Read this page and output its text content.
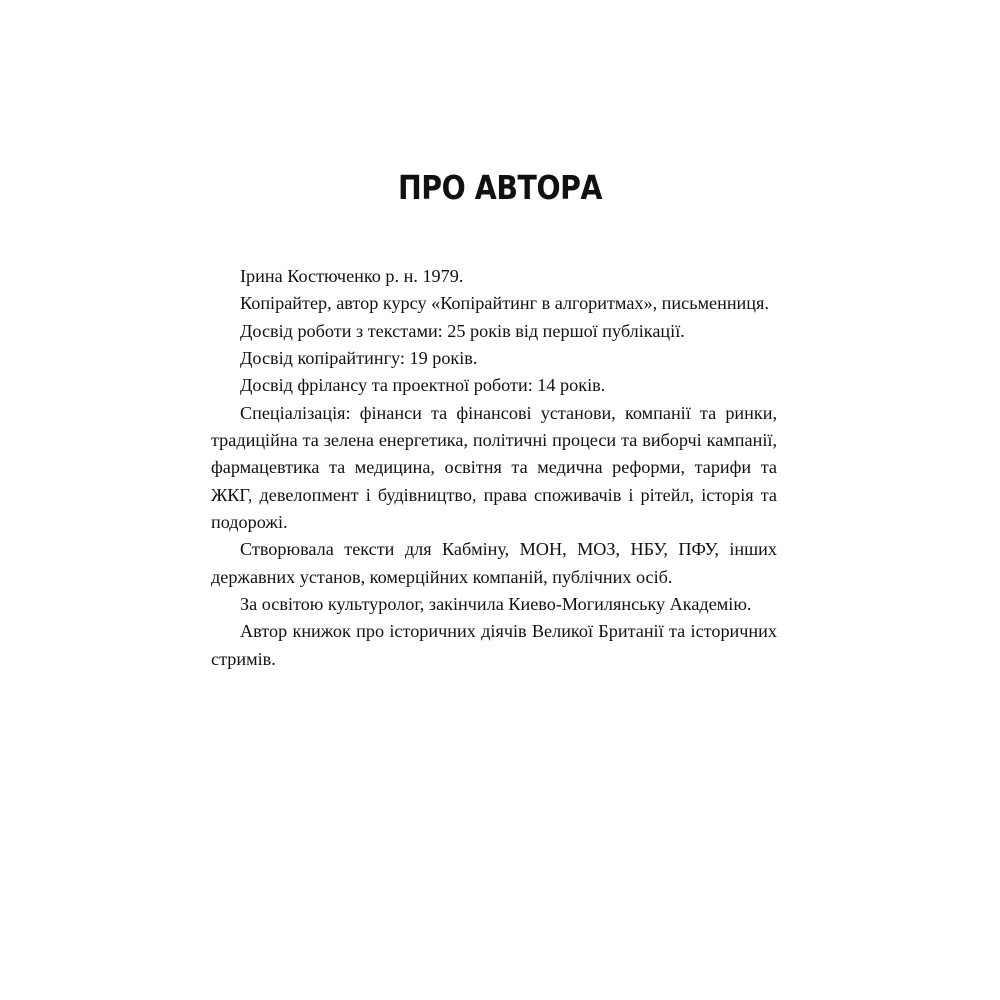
ПРО АВТОРА

Ірина Костюченко р. н. 1979.

Копірайтер, автор курсу «Копірайтинг в алгоритмах», письменниця.

Досвід роботи з текстами: 25 років від першої публікації.

Досвід копірайтингу: 19 років.

Досвід фрілансу та проектної роботи: 14 років.

Спеціалізація: фінанси та фінансові установи, компанії та ринки, традиційна та зелена енергетика, політичні процеси та виборчі кампанії, фармацевтика та медицина, освітня та медична реформи, тарифи та ЖКГ, девелопмент і будівництво, права споживачів і рітейл, історія та подорожі.

Створювала тексти для Кабміну, МОН, МОЗ, НБУ, ПФУ, інших державних установ, комерційних компаній, публічних осіб.

За освітою культуролог, закінчила Киево-Могилянську Академію.

Автор книжок про історичних діячів Великої Британії та історичних стримів.
